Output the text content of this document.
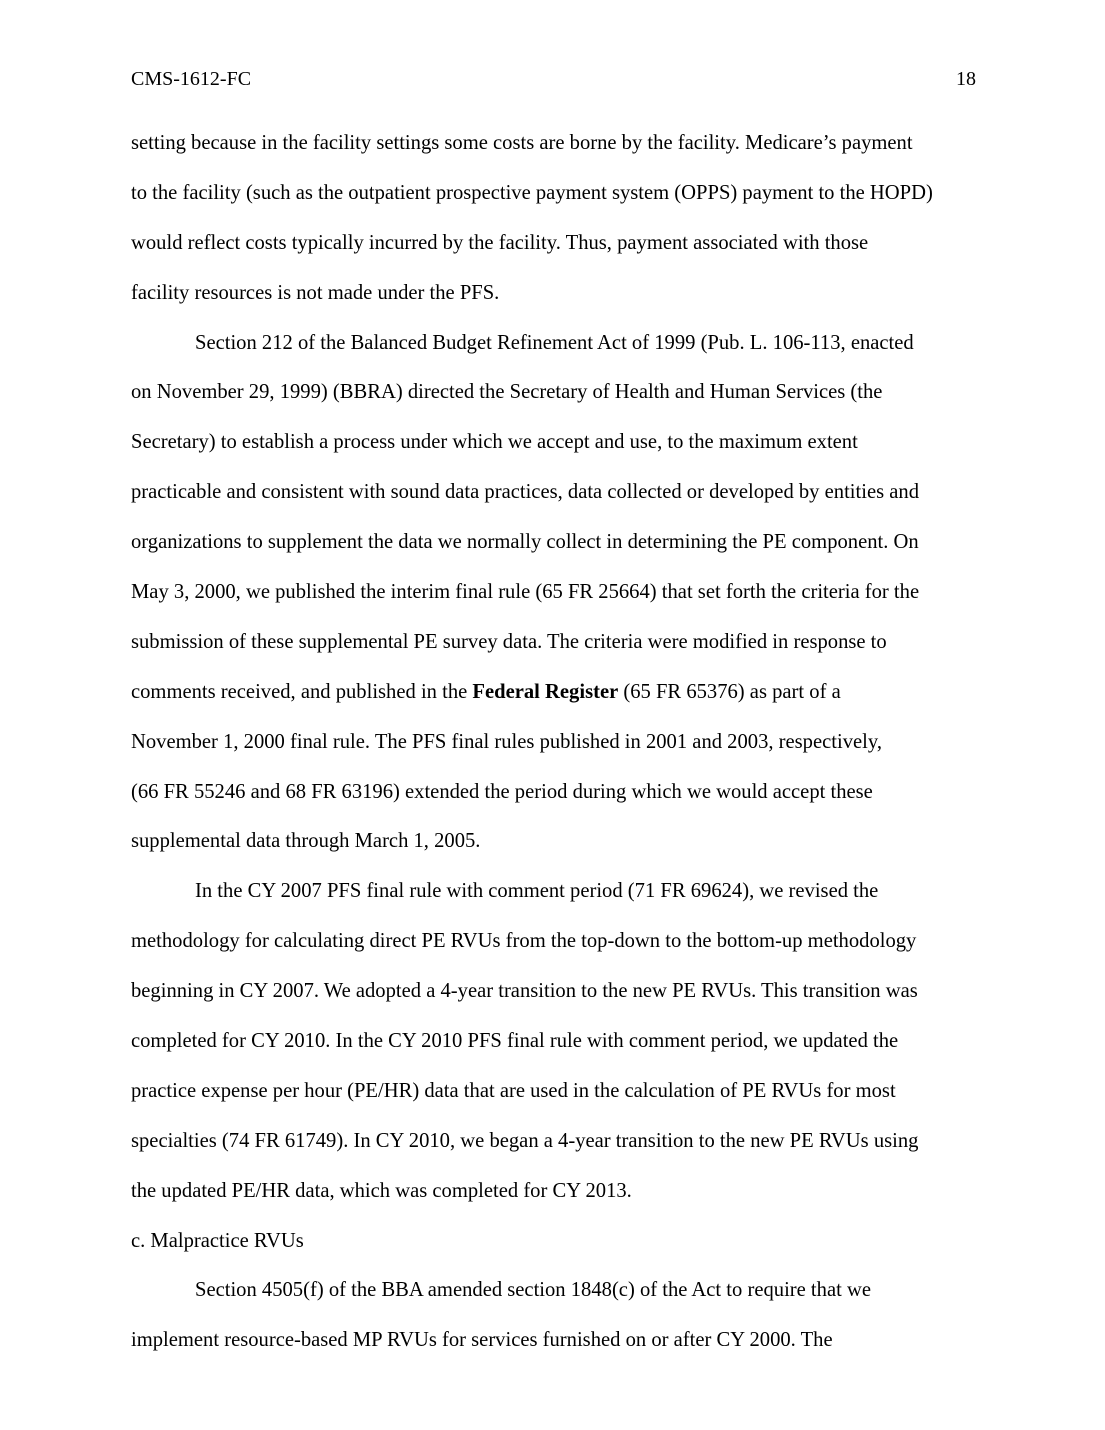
CMS-1612-FC	18
setting because in the facility settings some costs are borne by the facility. Medicare’s payment
to the facility (such as the outpatient prospective payment system (OPPS) payment to the HOPD)
would reflect costs typically incurred by the facility. Thus, payment associated with those
facility resources is not made under the PFS.
Section 212 of the Balanced Budget Refinement Act of 1999 (Pub. L. 106-113, enacted
on November 29, 1999) (BBRA) directed the Secretary of Health and Human Services (the
Secretary) to establish a process under which we accept and use, to the maximum extent
practicable and consistent with sound data practices, data collected or developed by entities and
organizations to supplement the data we normally collect in determining the PE component. On
May 3, 2000, we published the interim final rule (65 FR 25664) that set forth the criteria for the
submission of these supplemental PE survey data. The criteria were modified in response to
comments received, and published in the Federal Register (65 FR 65376) as part of a
November 1, 2000 final rule. The PFS final rules published in 2001 and 2003, respectively,
(66 FR 55246 and 68 FR 63196) extended the period during which we would accept these
supplemental data through March 1, 2005.
In the CY 2007 PFS final rule with comment period (71 FR 69624), we revised the
methodology for calculating direct PE RVUs from the top-down to the bottom-up methodology
beginning in CY 2007. We adopted a 4-year transition to the new PE RVUs. This transition was
completed for CY 2010. In the CY 2010 PFS final rule with comment period, we updated the
practice expense per hour (PE/HR) data that are used in the calculation of PE RVUs for most
specialties (74 FR 61749). In CY 2010, we began a 4-year transition to the new PE RVUs using
the updated PE/HR data, which was completed for CY 2013.
c. Malpractice RVUs
Section 4505(f) of the BBA amended section 1848(c) of the Act to require that we
implement resource-based MP RVUs for services furnished on or after CY 2000. The
